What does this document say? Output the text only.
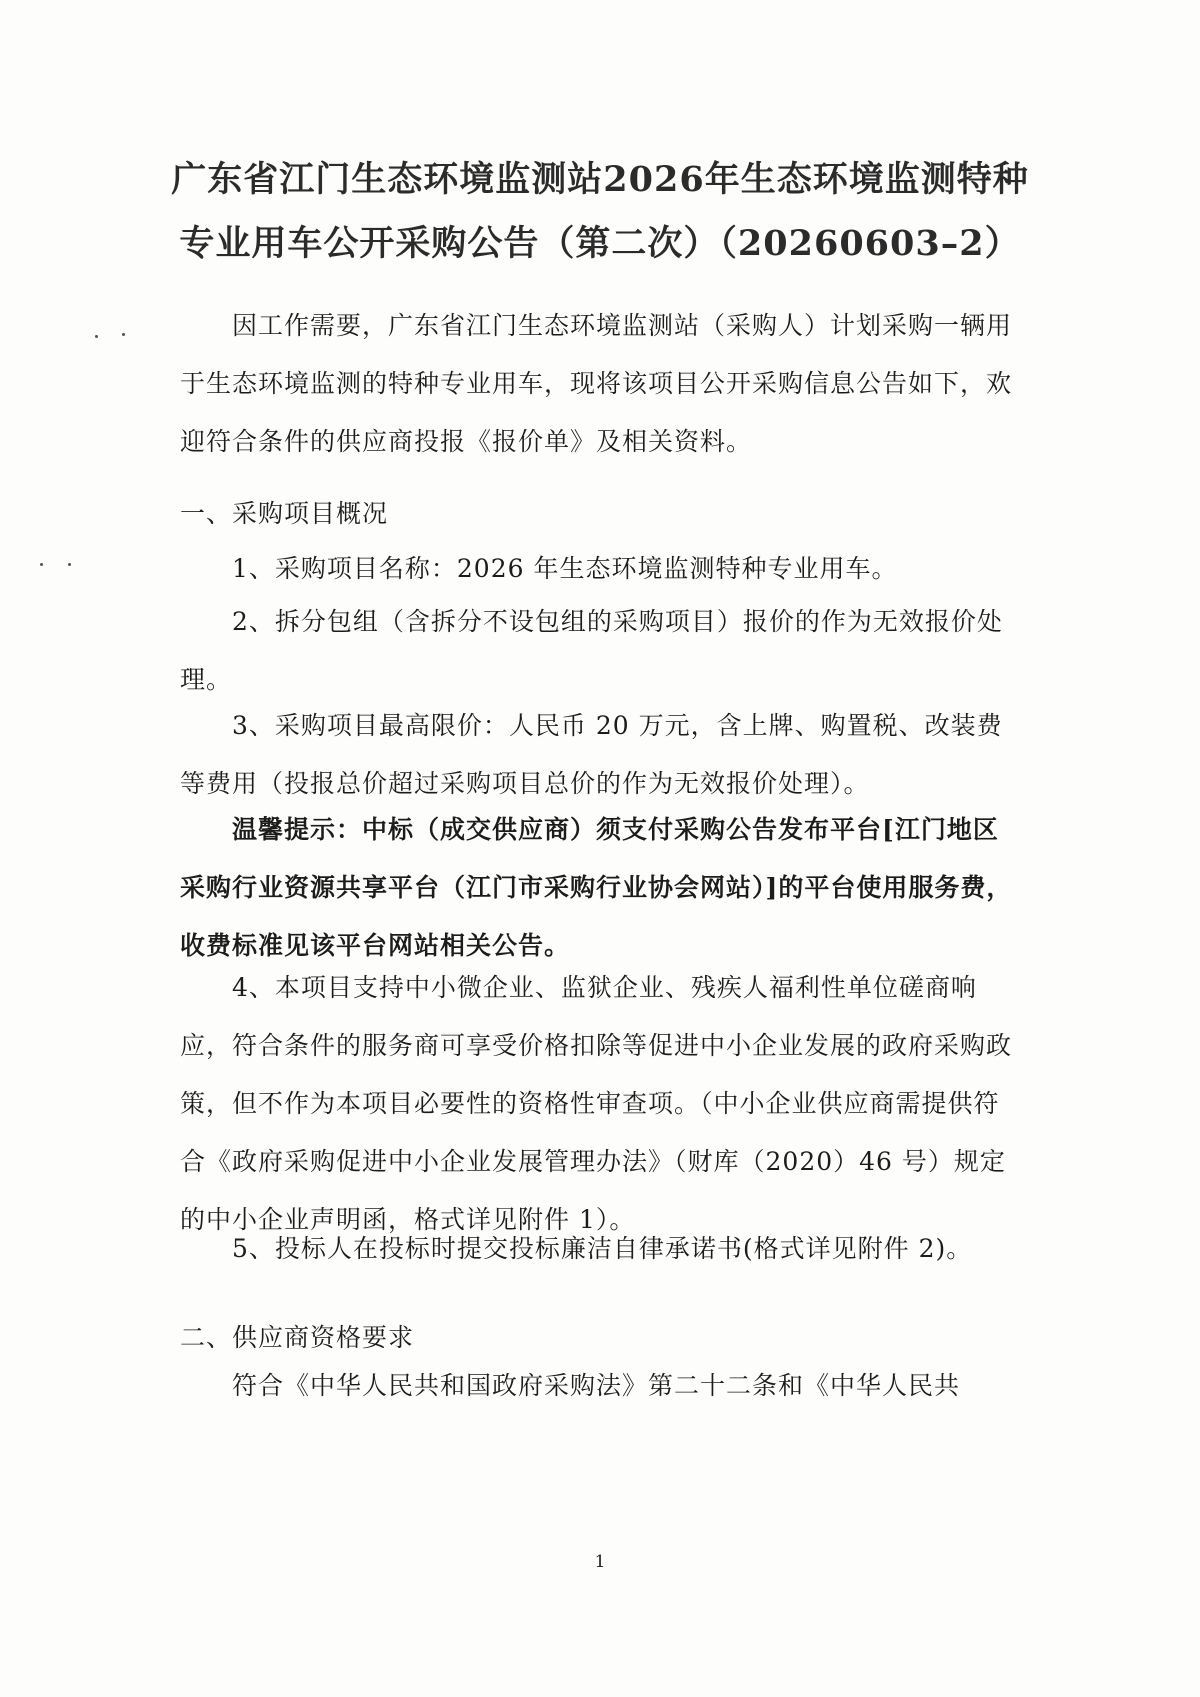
广东省江门生态环境监测站2026年生态环境监测特种
专业用车公开采购公告（第二次）（20260603–2）
因工作需要，广东省江门生态环境监测站（采购人）计划采购一辆用于生态环境监测的特种专业用车，现将该项目公开采购信息公告如下，欢迎符合条件的供应商投报《报价单》及相关资料。
一、采购项目概况
1、采购项目名称：2026 年生态环境监测特种专业用车。
2、拆分包组（含拆分不设包组的采购项目）报价的作为无效报价处理。
3、采购项目最高限价：人民币 20 万元，含上牌、购置税、改装费等费用（投报总价超过采购项目总价的作为无效报价处理）。
温馨提示：中标（成交供应商）须支付采购公告发布平台[江门地区采购行业资源共享平台（江门市采购行业协会网站）]的平台使用服务费，收费标准见该平台网站相关公告。
4、本项目支持中小微企业、监狱企业、残疾人福利性单位磋商响应，符合条件的服务商可享受价格扣除等促进中小企业发展的政府采购政策，但不作为本项目必要性的资格性审查项。（中小企业供应商需提供符合《政府采购促进中小企业发展管理办法》（财库（2020）46 号）规定的中小企业声明函，格式详见附件 1）。
5、投标人在投标时提交投标廉洁自律承诺书(格式详见附件 2)。
二、供应商资格要求
符合《中华人民共和国政府采购法》第二十二条和《中华人民共
1
